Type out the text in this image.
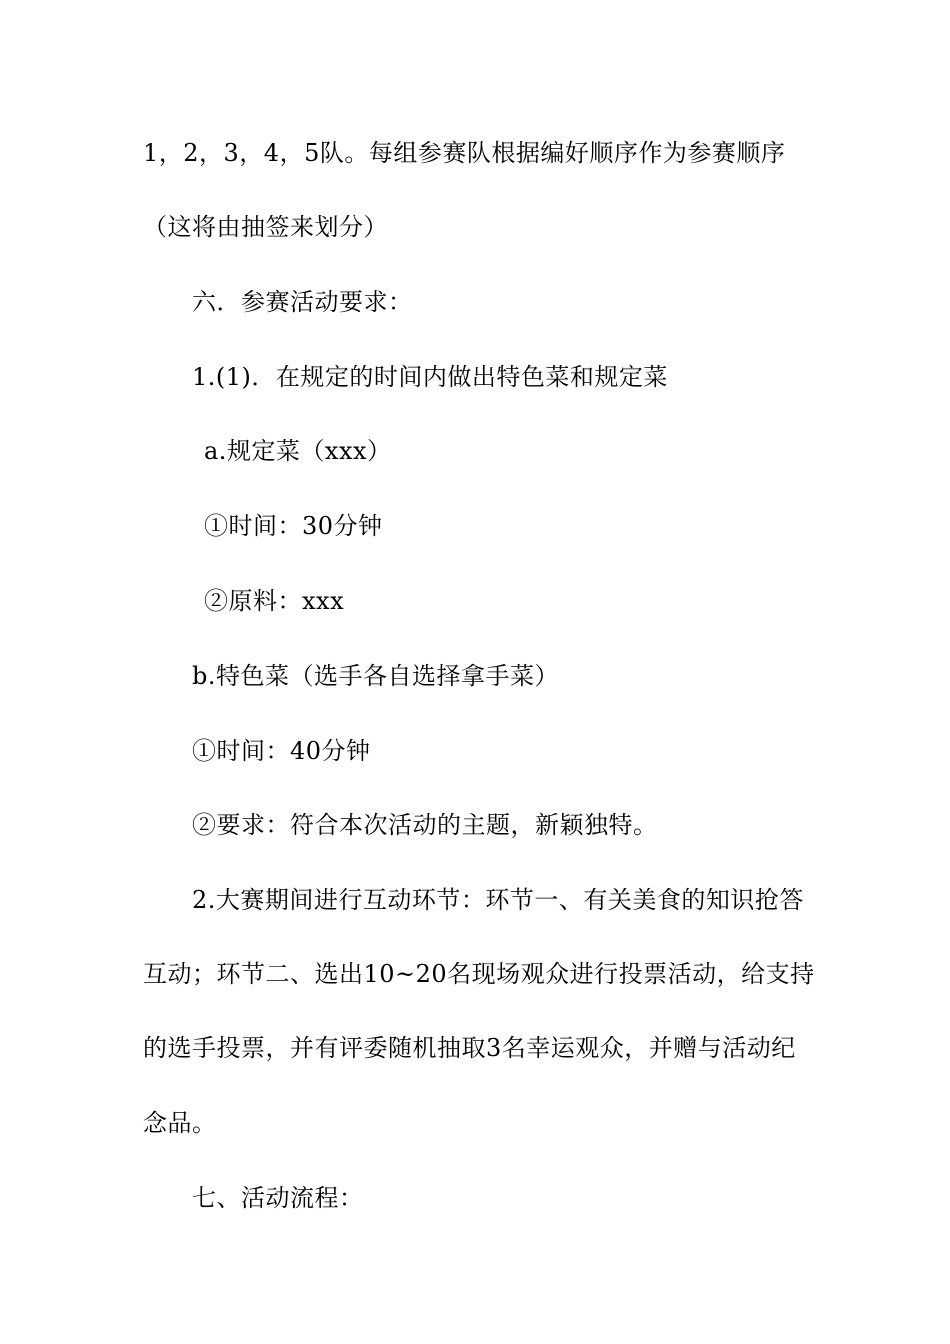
1，2，3，4，5队。每组参赛队根据编好顺序作为参赛顺序
（这将由抽签来划分）
六．参赛活动要求：
1.(1)．在规定的时间内做出特色菜和规定菜
a.规定菜（xxx）
①时间：30分钟
②原料：xxx
b.特色菜（选手各自选择拿手菜）
①时间：40分钟
②要求：符合本次活动的主题，新颖独特。
2.大赛期间进行互动环节：环节一、有关美食的知识抢答
互动；环节二、选出10~20名现场观众进行投票活动，给支持
的选手投票，并有评委随机抽取3名幸运观众，并赠与活动纪
念品。
七、活动流程：
